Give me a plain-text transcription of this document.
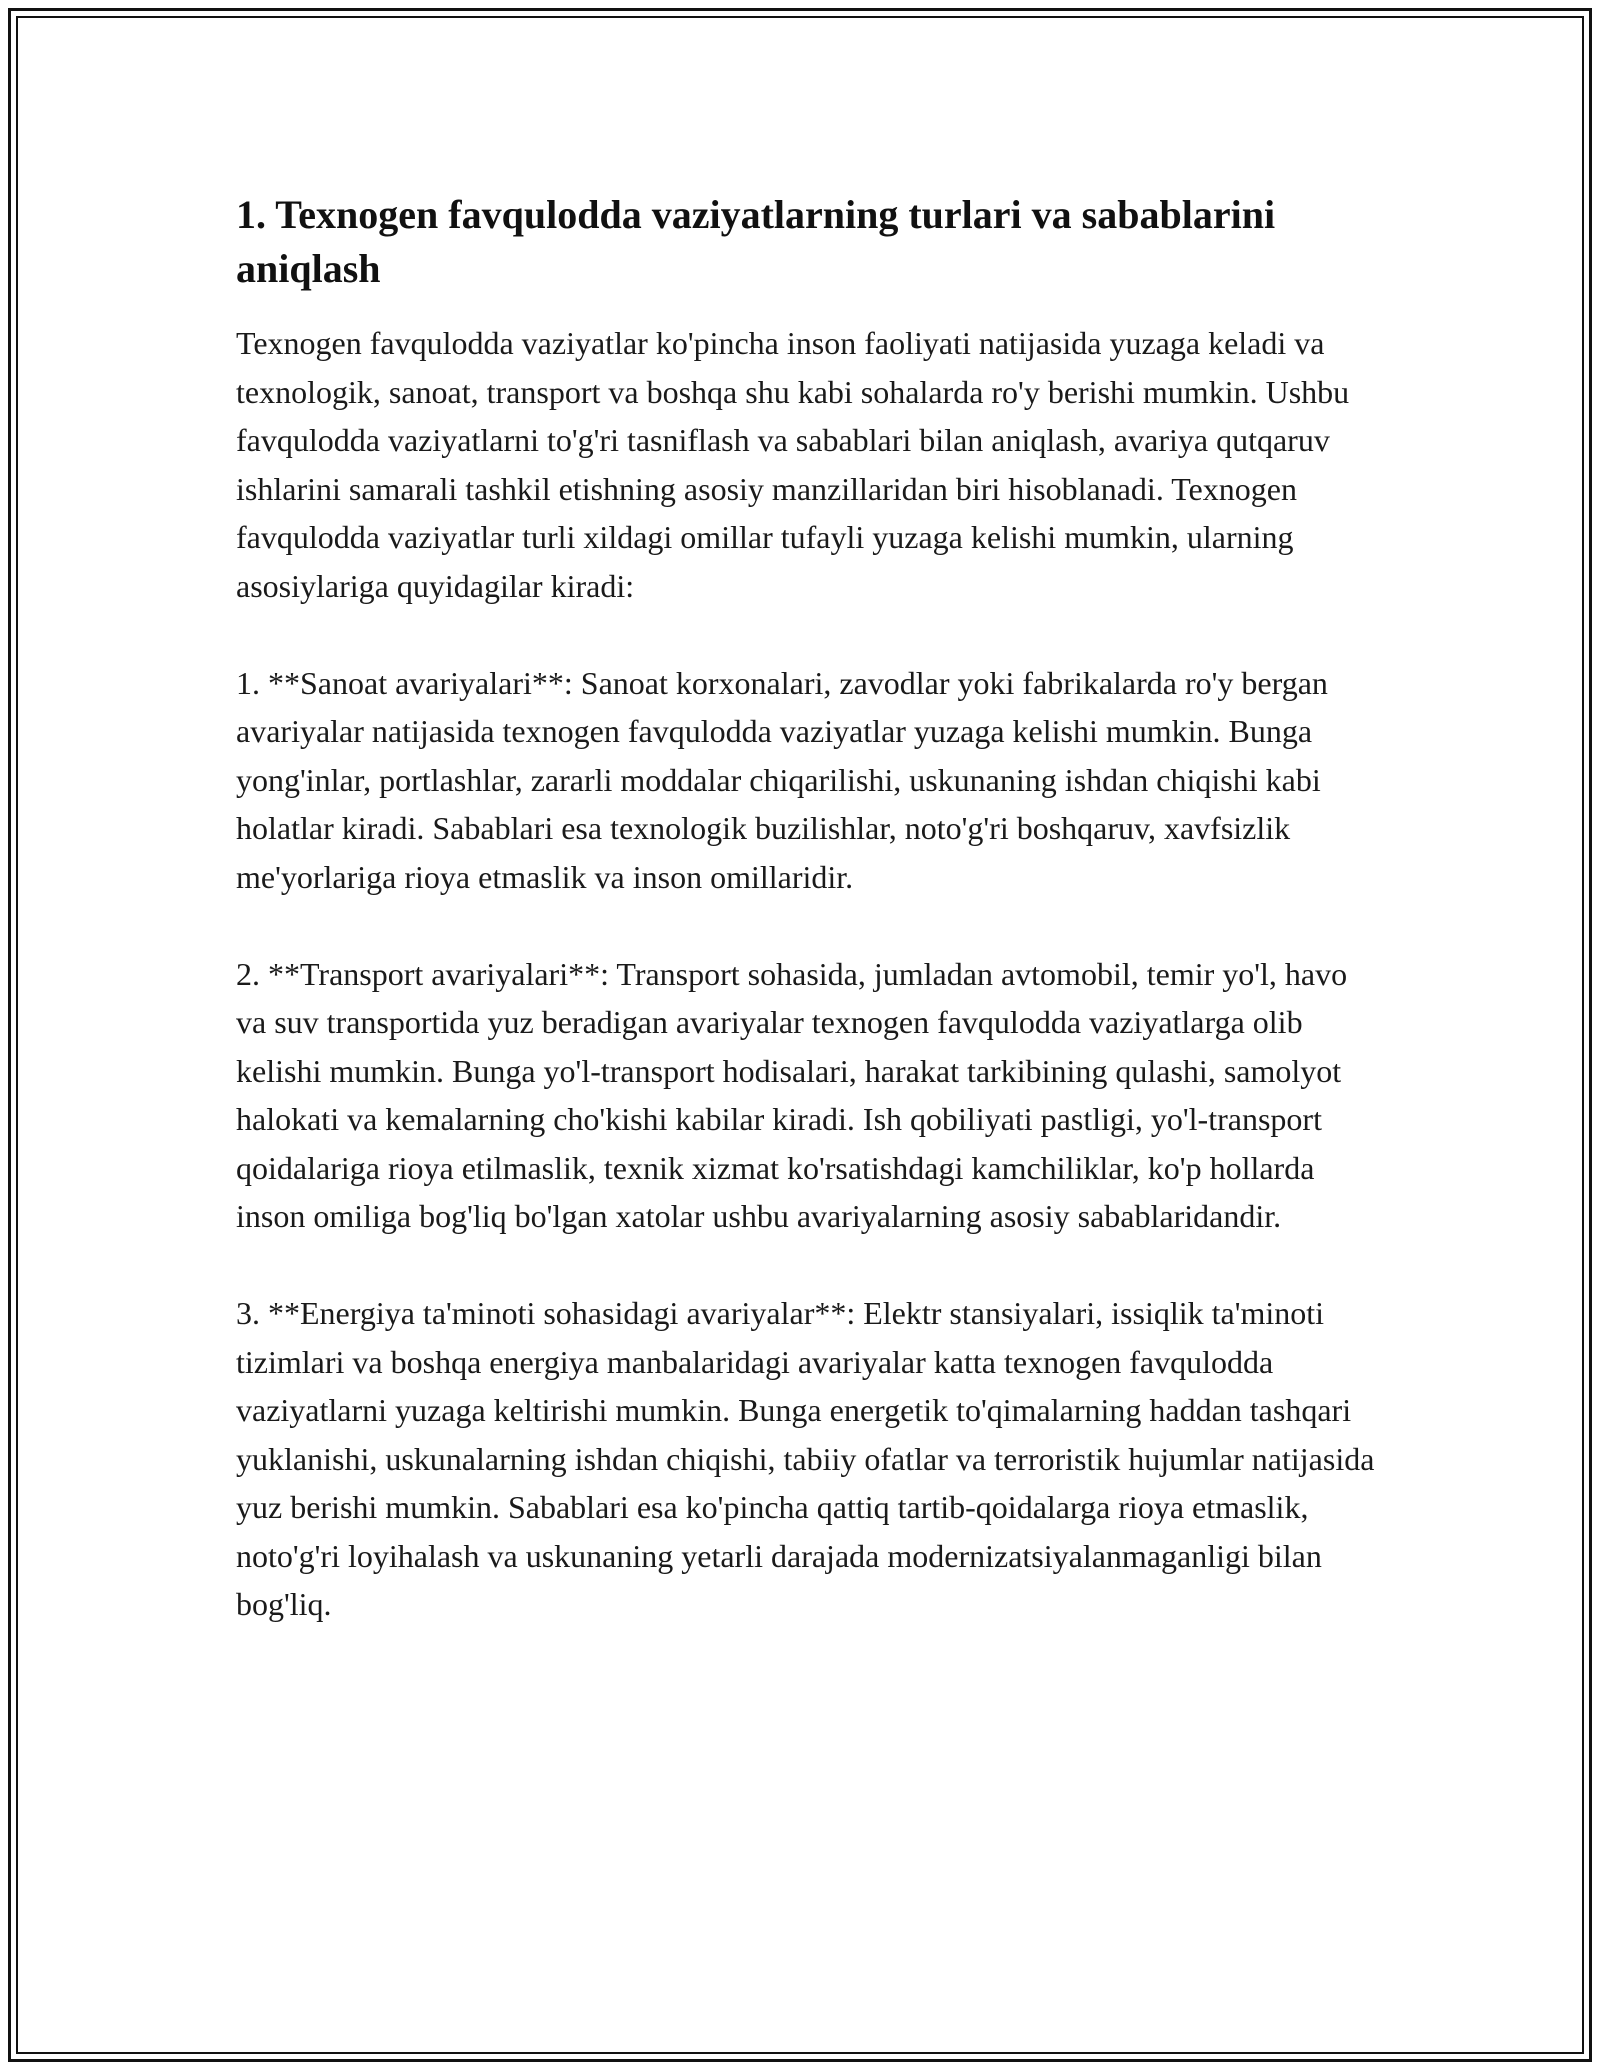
1. Texnogen favqulodda vaziyatlarning turlari va sabablarini aniqlash

Texnogen favqulodda vaziyatlar ko'pincha inson faoliyati natijasida yuzaga keladi va texnologik, sanoat, transport va boshqa shu kabi sohalarda ro'y berishi mumkin. Ushbu favqulodda vaziyatlarni to'g'ri tasniflash va sabablari bilan aniqlash, avariya qutqaruv ishlarini samarali tashkil etishning asosiy manzillaridan biri hisoblanadi. Texnogen favqulodda vaziyatlar turli xildagi omillar tufayli yuzaga kelishi mumkin, ularning asosiylariga quyidagilar kiradi:

1. **Sanoat avariyalari**: Sanoat korxonalari, zavodlar yoki fabrikalarda ro'y bergan avariyalar natijasida texnogen favqulodda vaziyatlar yuzaga kelishi mumkin. Bunga yong'inlar, portlashlar, zararli moddalar chiqarilishi, uskunaning ishdan chiqishi kabi holatlar kiradi. Sabablari esa texnologik buzilishlar, noto'g'ri boshqaruv, xavfsizlik me'yorlariga rioya etmaslik va inson omillaridir.

2. **Transport avariyalari**: Transport sohasida, jumladan avtomobil, temir yo'l, havo va suv transportida yuz beradigan avariyalar texnogen favqulodda vaziyatlarga olib kelishi mumkin. Bunga yo'l-transport hodisalari, harakat tarkibining qulashi, samolyot halokati va kemalarning cho'kishi kabilar kiradi. Ish qobiliyati pastligi, yo'l-transport qoidalariga rioya etilmaslik, texnik xizmat ko'rsatishdagi kamchiliklar, ko'p hollarda inson omiliga bog'liq bo'lgan xatolar ushbu avariyalarning asosiy sabablaridandir.

3. **Energiya ta'minoti sohasidagi avariyalar**: Elektr stansiyalari, issiqlik ta'minoti tizimlari va boshqa energiya manbalaridagi avariyalar katta texnogen favqulodda vaziyatlarni yuzaga keltirishi mumkin. Bunga energetik to'qimalarning haddan tashqari yuklanishi, uskunalarning ishdan chiqishi, tabiiy ofatlar va terroristik hujumlar natijasida yuz berishi mumkin. Sabablari esa ko'pincha qattiq tartib-qoidalarga rioya etmaslik, noto'g'ri loyihalash va uskunaning yetarli darajada modernizatsiyalanmaganligi bilan bog'liq.
